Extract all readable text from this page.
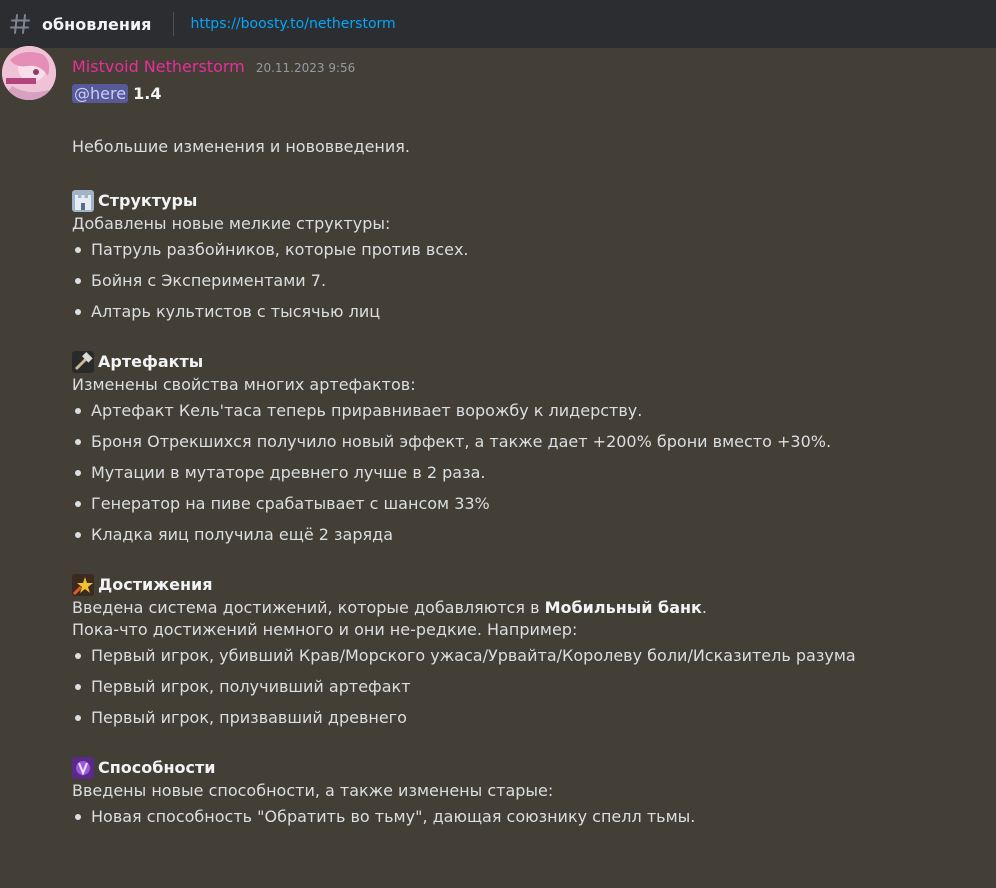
обновления	https://boosty.to/netherstorm
Mistvoid Netherstorm 20.11.2023 9:56
@here 1.4
Небольшие изменения и нововведения.
Структуры
Добавлены новые мелкие структуры:
Патруль разбойников, которые против всех.
Бойня с Экспериментами 7.
Алтарь культистов с тысячью лиц
Артефакты
Изменены свойства многих артефактов:
Артефакт Кель'таса теперь приравнивает ворожбу к лидерству.
Броня Отрекшихся получило новый эффект, а также дает +200% брони вместо +30%.
Мутации в мутаторе древнего лучше в 2 раза.
Генератор на пиве срабатывает с шансом 33%
Кладка яиц получила ещё 2 заряда
Достижения
Введена система достижений, которые добавляются в Мобильный банк.
Пока-что достижений немного и они не-редкие. Например:
Первый игрок, убивший Крав/Морского ужаса/Урвайта/Королеву боли/Исказитель разума
Первый игрок, получивший артефакт
Первый игрок, призвавший древнего
Способности
Введены новые способности, а также изменены старые:
Новая способность "Обратить во тьму", дающая союзнику спелл тьмы.
